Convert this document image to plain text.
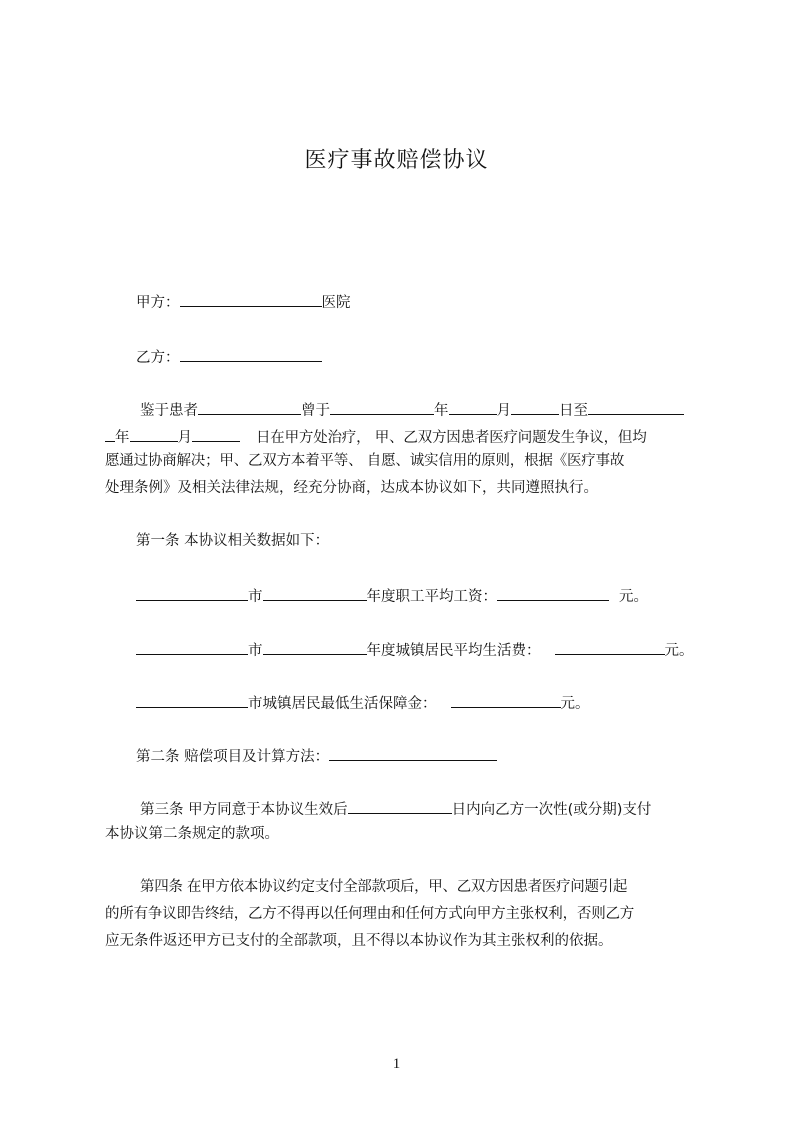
医疗事故赔偿协议
甲方：	医院
乙方：
鉴于患者	曾于	年	月	日至
年	月	日在甲方处治疗， 甲、乙双方因患者医疗问题发生争议，但均
愿通过协商解决；甲、乙双方本着平等、 自愿、诚实信用的原则，根据《医疗事故
处理条例》及相关法律法规，经充分协商，达成本协议如下，共同遵照执行。
第一条 本协议相关数据如下：
市	年度职工平均工资：	元。
市	年度城镇居民平均生活费：	元。
市城镇居民最低生活保障金：	元。
第二条 赔偿项目及计算方法：
第三条 甲方同意于本协议生效后	日内向乙方一次性(或分期)支付
本协议第二条规定的款项。
第四条 在甲方依本协议约定支付全部款项后，甲、乙双方因患者医疗问题引起
的所有争议即告终结，乙方不得再以任何理由和任何方式向甲方主张权利，否则乙方
应无条件返还甲方已支付的全部款项，且不得以本协议作为其主张权利的依据。
1
